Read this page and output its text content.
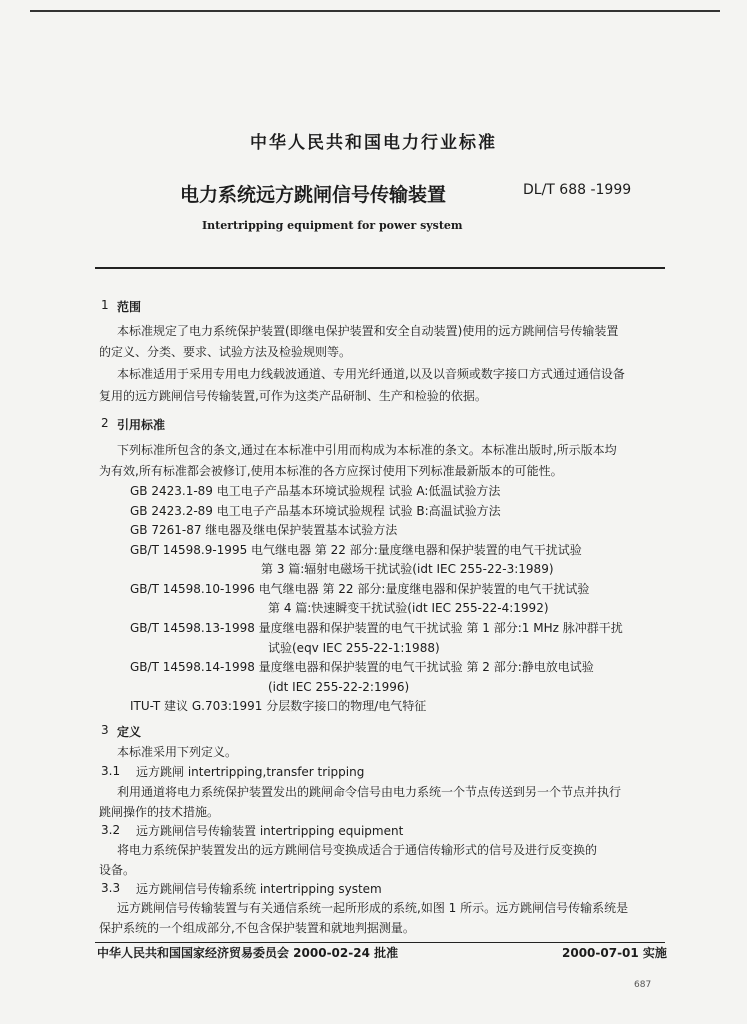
中华人民共和国电力行业标准
电力系统远方跳闸信号传输装置	DL/T 688 -1999
Intertripping equipment for power system
1 范围
本标准规定了电力系统保护装置(即继电保护装置和安全自动装置)使用的远方跳闸信号传输装置
的定义、分类、要求、试验方法及检验规则等。
本标准适用于采用专用电力线载波通道、专用光纤通道,以及以音频或数字接口方式通过通信设备
复用的远方跳闸信号传输装置,可作为这类产品研制、生产和检验的依据。
2 引用标准
下列标准所包含的条文,通过在本标准中引用而构成为本标准的条文。本标准出版时,所示版本均
为有效,所有标准都会被修订,使用本标准的各方应探讨使用下列标准最新版本的可能性。
GB 2423.1-89 电工电子产品基本环境试验规程 试验 A:低温试验方法
GB 2423.2-89 电工电子产品基本环境试验规程 试验 B:高温试验方法
GB 7261-87 继电器及继电保护装置基本试验方法
GB/T 14598.9-1995 电气继电器 第 22 部分:量度继电器和保护装置的电气干扰试验
第 3 篇:辐射电磁场干扰试验(idt IEC 255-22-3:1989)
GB/T 14598.10-1996 电气继电器 第 22 部分:量度继电器和保护装置的电气干扰试验
第 4 篇:快速瞬变干扰试验(idt IEC 255-22-4:1992)
GB/T 14598.13-1998 量度继电器和保护装置的电气干扰试验 第 1 部分:1 MHz 脉冲群干扰
试验(eqv IEC 255-22-1:1988)
GB/T 14598.14-1998 量度继电器和保护装置的电气干扰试验 第 2 部分:静电放电试验
(idt IEC 255-22-2:1996)
ITU-T 建议 G.703:1991 分层数字接口的物理/电气特征
3 定义
本标准采用下列定义。
3.1 远方跳闸 intertripping,transfer tripping
利用通道将电力系统保护装置发出的跳闸命令信号由电力系统一个节点传送到另一个节点并执行
跳闸操作的技术措施。
3.2 远方跳闸信号传输装置 intertripping equipment
将电力系统保护装置发出的远方跳闸信号变换成适合于通信传输形式的信号及进行反变换的
设备。
3.3 远方跳闸信号传输系统 intertripping system
远方跳闸信号传输装置与有关通信系统一起所形成的系统,如图 1 所示。远方跳闸信号传输系统是
保护系统的一个组成部分,不包含保护装置和就地判据测量。
中华人民共和国国家经济贸易委员会 2000-02-24 批准	2000-07-01 实施
687
